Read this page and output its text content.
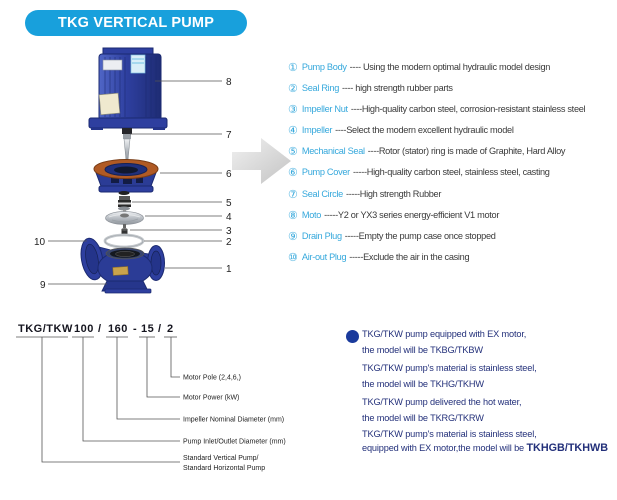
TKG VERTICAL PUMP
8
7
6
5
4
3
2
1
10
9
① Pump Body ---- Using the modern optimal hydraulic model design
② Seal Ring ---- high strength rubber parts
③ Impeller Nut ----High-quality carbon steel, corrosion-resistant stainless steel
④ Impeller ----Select the modern excellent hydraulic model
⑤ Mechanical Seal ----Rotor (stator) ring is made of Graphite, Hard Alloy
⑥ Pump Cover -----High-quality carbon steel, stainless steel, casting
⑦ Seal Circle -----High strength Rubber
⑧ Moto -----Y2 or YX3 series energy-efficient V1 motor
⑨ Drain Plug -----Empty the pump case once stopped
⑩ Air-out Plug -----Exclude the air in the casing
TKG/TKW 100 / 160 - 15 / 2
Motor Pole (2,4,6,)
Motor Power (kW)
Impeller Nominal Diameter (mm)
Pump Inlet/Outlet Diameter (mm)
Standard Vertical Pump/
Standard Horizontal Pump
TKG/TKW pump equipped with EX motor,
the model will be TKBG/TKBW
TKG/TKW pump's material is stainless steel,
the model will be TKHG/TKHW
TKG/TKW pump delivered the hot water,
the model will be TKRG/TKRW
TKG/TKW pump's material is stainless steel,
equipped with EX motor,the model will be TKHGB/TKHWB
